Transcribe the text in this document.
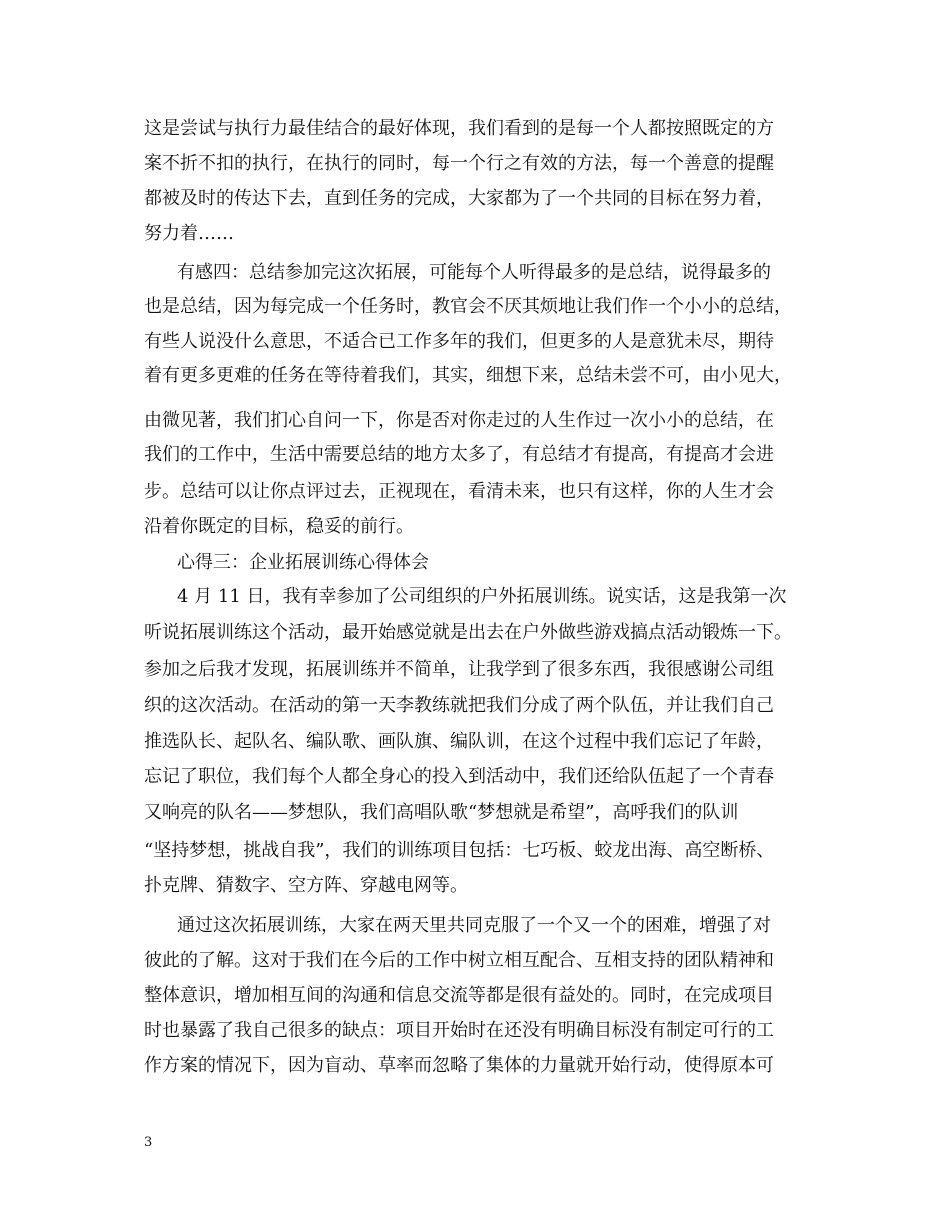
这是尝试与执行力最佳结合的最好体现，我们看到的是每一个人都按照既定的方
案不折不扣的执行，在执行的同时，每一个行之有效的方法，每一个善意的提醒
都被及时的传达下去，直到任务的完成，大家都为了一个共同的目标在努力着，
努力着……
有感四：总结参加完这次拓展，可能每个人听得最多的是总结，说得最多的
也是总结，因为每完成一个任务时，教官会不厌其烦地让我们作一个小小的总结，
有些人说没什么意思，不适合已工作多年的我们，但更多的人是意犹未尽，期待
着有更多更难的任务在等待着我们，其实，细想下来，总结未尝不可，由小见大，
由微见著，我们扪心自问一下，你是否对你走过的人生作过一次小小的总结，在
我们的工作中，生活中需要总结的地方太多了，有总结才有提高，有提高才会进
步。总结可以让你点评过去，正视现在，看清未来，也只有这样，你的人生才会
沿着你既定的目标，稳妥的前行。
心得三：企业拓展训练心得体会
4 月 11 日，我有幸参加了公司组织的户外拓展训练。说实话，这是我第一次
听说拓展训练这个活动，最开始感觉就是出去在户外做些游戏搞点活动锻炼一下。
参加之后我才发现，拓展训练并不简单，让我学到了很多东西，我很感谢公司组
织的这次活动。在活动的第一天李教练就把我们分成了两个队伍，并让我们自己
推选队长、起队名、编队歌、画队旗、编队训，在这个过程中我们忘记了年龄，
忘记了职位，我们每个人都全身心的投入到活动中，我们还给队伍起了一个青春
又响亮的队名——梦想队，我们高唱队歌“梦想就是希望”，高呼我们的队训
“坚持梦想，挑战自我”，我们的训练项目包括：七巧板、蛟龙出海、高空断桥、
扑克牌、猜数字、空方阵、穿越电网等。
通过这次拓展训练，大家在两天里共同克服了一个又一个的困难，增强了对
彼此的了解。这对于我们在今后的工作中树立相互配合、互相支持的团队精神和
整体意识，增加相互间的沟通和信息交流等都是很有益处的。同时，在完成项目
时也暴露了我自己很多的缺点：项目开始时在还没有明确目标没有制定可行的工
作方案的情况下，因为盲动、草率而忽略了集体的力量就开始行动，使得原本可
3
